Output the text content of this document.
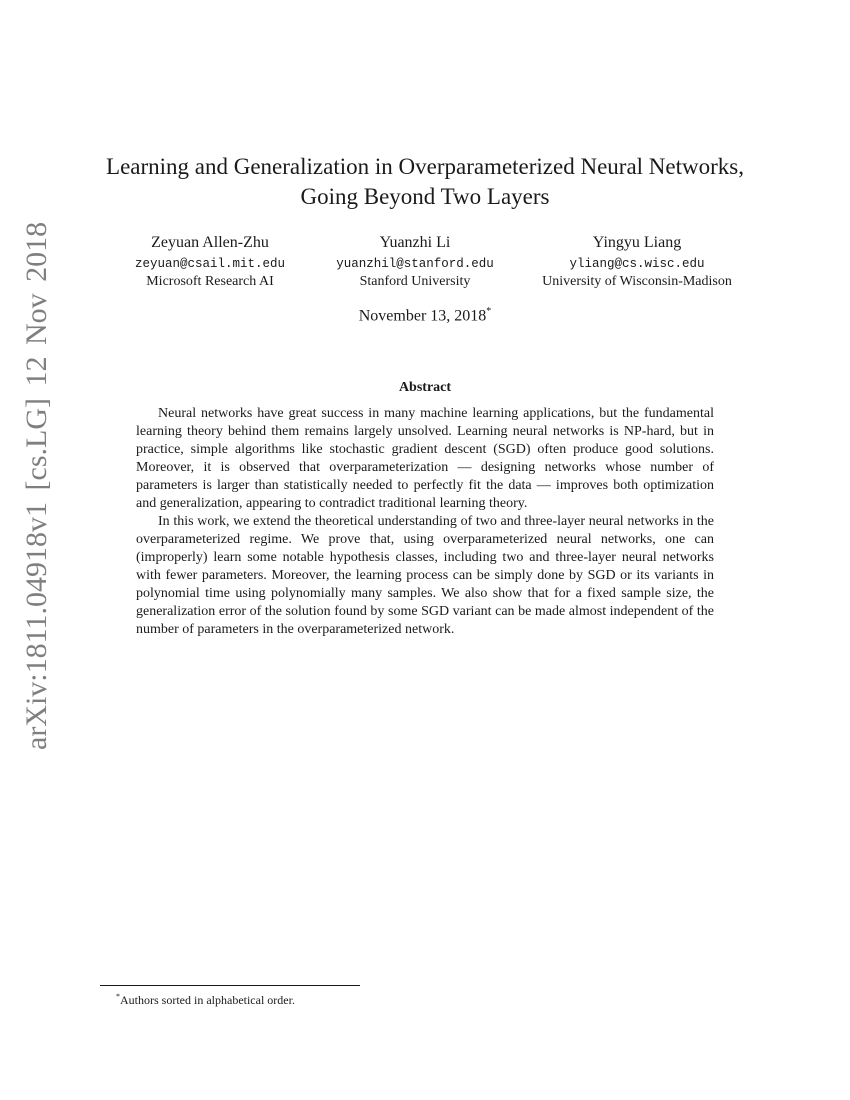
arXiv:1811.04918v1 [cs.LG] 12 Nov 2018
Learning and Generalization in Overparameterized Neural Networks, Going Beyond Two Layers
Zeyuan Allen-Zhu
zeyuan@csail.mit.edu
Microsoft Research AI
Yuanzhi Li
yuanzhil@stanford.edu
Stanford University
Yingyu Liang
yliang@cs.wisc.edu
University of Wisconsin-Madison
November 13, 2018*
Abstract

Neural networks have great success in many machine learning applications, but the fundamental learning theory behind them remains largely unsolved. Learning neural networks is NP-hard, but in practice, simple algorithms like stochastic gradient descent (SGD) often produce good solutions. Moreover, it is observed that overparameterization — designing networks whose number of parameters is larger than statistically needed to perfectly fit the data — improves both optimization and generalization, appearing to contradict traditional learning theory.

In this work, we extend the theoretical understanding of two and three-layer neural networks in the overparameterized regime. We prove that, using overparameterized neural networks, one can (improperly) learn some notable hypothesis classes, including two and three-layer neural networks with fewer parameters. Moreover, the learning process can be simply done by SGD or its variants in polynomial time using polynomially many samples. We also show that for a fixed sample size, the generalization error of the solution found by some SGD variant can be made almost independent of the number of parameters in the overparameterized network.

*Authors sorted in alphabetical order.
